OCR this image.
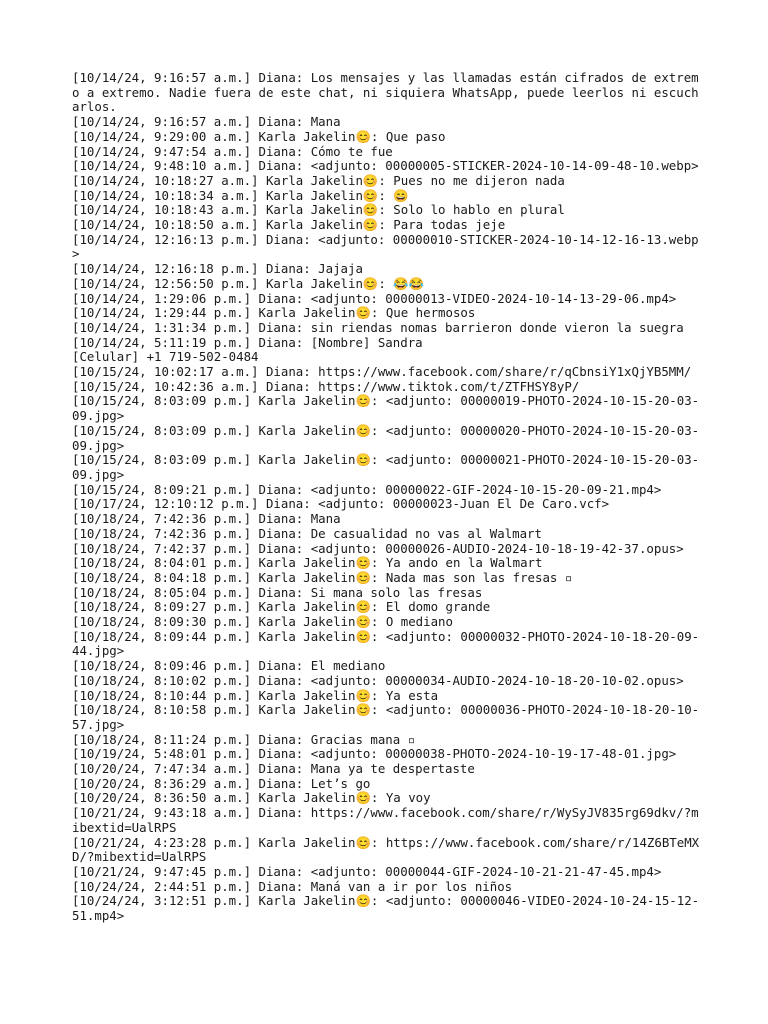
[10/14/24, 9:16:57 a.m.] Diana: Los mensajes y las llamadas están cifrados de extremo a extremo. Nadie fuera de este chat, ni siquiera WhatsApp, puede leerlos ni escucharlos.
[10/14/24, 9:16:57 a.m.] Diana: Mana
[10/14/24, 9:29:00 a.m.] Karla Jakelin😊: Que paso
[10/14/24, 9:47:54 a.m.] Diana: Cómo te fue
[10/14/24, 9:48:10 a.m.] Diana: <adjunto: 00000005-STICKER-2024-10-14-09-48-10.webp>
[10/14/24, 10:18:27 a.m.] Karla Jakelin😊: Pues no me dijeron nada
[10/14/24, 10:18:34 a.m.] Karla Jakelin😊: 😄
[10/14/24, 10:18:43 a.m.] Karla Jakelin😊: Solo lo hablo en plural
[10/14/24, 10:18:50 a.m.] Karla Jakelin😊: Para todas jeje
[10/14/24, 12:16:13 p.m.] Diana: <adjunto: 00000010-STICKER-2024-10-14-12-16-13.webp>
[10/14/24, 12:16:18 p.m.] Diana: Jajaja
[10/14/24, 12:56:50 p.m.] Karla Jakelin😊: 😂😂
[10/14/24, 1:29:06 p.m.] Diana: <adjunto: 00000013-VIDEO-2024-10-14-13-29-06.mp4>
[10/14/24, 1:29:44 p.m.] Karla Jakelin😊: Que hermosos
[10/14/24, 1:31:34 p.m.] Diana: sin riendas nomas barrieron donde vieron la suegra
[10/14/24, 5:11:19 p.m.] Diana: [Nombre] Sandra
[Celular] +1 719-502-0484
[10/15/24, 10:02:17 a.m.] Diana: https://www.facebook.com/share/r/qCbnsiY1xQjYB5MM/
[10/15/24, 10:42:36 a.m.] Diana: https://www.tiktok.com/t/ZTFHSY8yP/
[10/15/24, 8:03:09 p.m.] Karla Jakelin😊: <adjunto: 00000019-PHOTO-2024-10-15-20-03-09.jpg>
[10/15/24, 8:03:09 p.m.] Karla Jakelin😊: <adjunto: 00000020-PHOTO-2024-10-15-20-03-09.jpg>
[10/15/24, 8:03:09 p.m.] Karla Jakelin😊: <adjunto: 00000021-PHOTO-2024-10-15-20-03-09.jpg>
[10/15/24, 8:09:21 p.m.] Diana: <adjunto: 00000022-GIF-2024-10-15-20-09-21.mp4>
[10/17/24, 12:10:12 p.m.] Diana: <adjunto: 00000023-Juan El De Caro.vcf>
[10/18/24, 7:42:36 p.m.] Diana: Mana
[10/18/24, 7:42:36 p.m.] Diana: De casualidad no vas al Walmart
[10/18/24, 7:42:37 p.m.] Diana: <adjunto: 00000026-AUDIO-2024-10-18-19-42-37.opus>
[10/18/24, 8:04:01 p.m.] Karla Jakelin😊: Ya ando en la Walmart
[10/18/24, 8:04:18 p.m.] Karla Jakelin😊: Nada mas son las fresas ▫
[10/18/24, 8:05:04 p.m.] Diana: Si mana solo las fresas
[10/18/24, 8:09:27 p.m.] Karla Jakelin😊: El domo grande
[10/18/24, 8:09:30 p.m.] Karla Jakelin😊: O mediano
[10/18/24, 8:09:44 p.m.] Karla Jakelin😊: <adjunto: 00000032-PHOTO-2024-10-18-20-09-44.jpg>
[10/18/24, 8:09:46 p.m.] Diana: El mediano
[10/18/24, 8:10:02 p.m.] Diana: <adjunto: 00000034-AUDIO-2024-10-18-20-10-02.opus>
[10/18/24, 8:10:44 p.m.] Karla Jakelin😊: Ya esta
[10/18/24, 8:10:58 p.m.] Karla Jakelin😊: <adjunto: 00000036-PHOTO-2024-10-18-20-10-57.jpg>
[10/18/24, 8:11:24 p.m.] Diana: Gracias mana ▫
[10/19/24, 5:48:01 p.m.] Diana: <adjunto: 00000038-PHOTO-2024-10-19-17-48-01.jpg>
[10/20/24, 7:47:34 a.m.] Diana: Mana ya te despertaste
[10/20/24, 8:36:29 a.m.] Diana: Let’s go
[10/20/24, 8:36:50 a.m.] Karla Jakelin😊: Ya voy
[10/21/24, 9:43:18 a.m.] Diana: https://www.facebook.com/share/r/WySyJV835rg69dkv/?mibextid=UalRPS
[10/21/24, 4:23:28 p.m.] Karla Jakelin😊: https://www.facebook.com/share/r/14Z6BTeMXD/?mibextid=UalRPS
[10/21/24, 9:47:45 p.m.] Diana: <adjunto: 00000044-GIF-2024-10-21-21-47-45.mp4>
[10/24/24, 2:44:51 p.m.] Diana: Maná van a ir por los niños
[10/24/24, 3:12:51 p.m.] Karla Jakelin😊: <adjunto: 00000046-VIDEO-2024-10-24-15-12-51.mp4>
